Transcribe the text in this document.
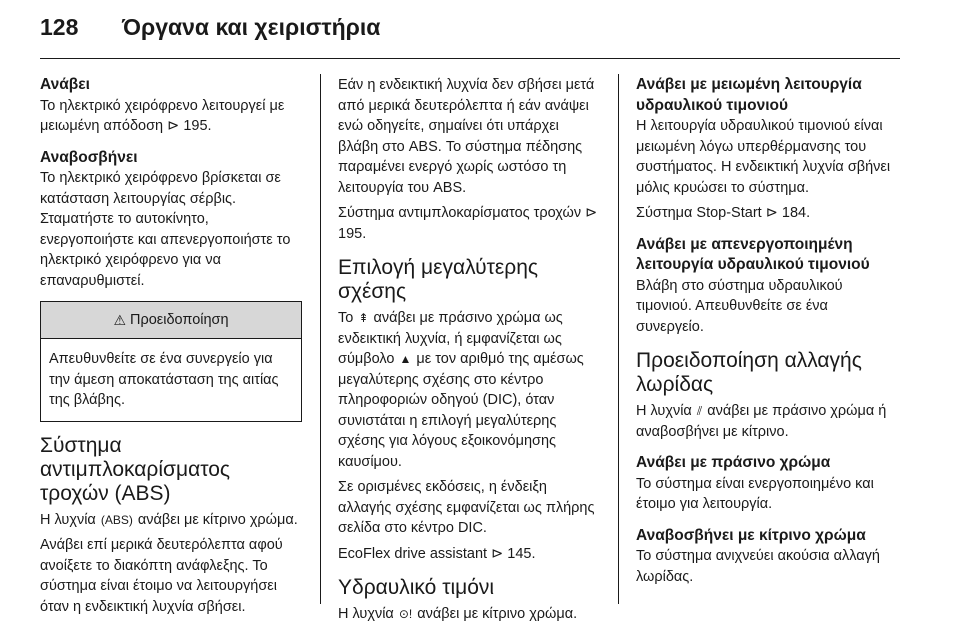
128 Όργανα και χειριστήρια
Ανάβει

Το ηλεκτρικό χειρόφρενο λειτουργεί με μειωμένη απόδοση ⊳ 195.

Αναβοσβήνει

Το ηλεκτρικό χειρόφρενο βρίσκεται σε κατάσταση λειτουργίας σέρβις. Σταματήστε το αυτοκίνητο, ενεργοποιήστε και απενεργοποιήστε το ηλεκτρικό χειρόφρενο για να επαναρυθμιστεί.

⚠ Προειδοποίηση
Απευθυνθείτε σε ένα συνεργείο για την άμεση αποκατάσταση της αιτίας της βλάβης.
Σύστημα αντιμπλοκαρίσματος τροχών (ABS)

Η λυχνία (ABS) ανάβει με κίτρινο χρώμα.

Ανάβει επί μερικά δευτερόλεπτα αφού ανοίξετε το διακόπτη ανάφλεξης. Το σύστημα είναι έτοιμο να λειτουργήσει όταν η ενδεικτική λυχνία σβήσει.

Εάν η ενδεικτική λυχνία δεν σβήσει μετά από μερικά δευτερόλεπτα ή εάν ανάψει ενώ οδηγείτε, σημαίνει ότι υπάρχει βλάβη στο ABS. Το σύστημα πέδησης παραμένει ενεργό χωρίς ωστόσο τη λειτουργία του ABS.

Σύστημα αντιμπλοκαρίσματος τροχών ⊳ 195.

Επιλογή μεγαλύτερης σχέσης

Το ⇞ ανάβει με πράσινο χρώμα ως ενδεικτική λυχνία, ή εμφανίζεται ως σύμβολο ▲ με τον αριθμό της αμέσως μεγαλύτερης σχέσης στο κέντρο πληροφοριών οδηγού (DIC), όταν συνιστάται η επιλογή μεγαλύτερης σχέσης για λόγους εξοικονόμησης καυσίμου.

Σε ορισμένες εκδόσεις, η ένδειξη αλλαγής σχέσης εμφανίζεται ως πλήρης σελίδα στο κέντρο DIC.

EcoFlex drive assistant ⊳ 145.

Υδραυλικό τιμόνι

Η λυχνία ⊙! ανάβει με κίτρινο χρώμα.

Ανάβει με μειωμένη λειτουργία υδραυλικού τιμονιού

Η λειτουργία υδραυλικού τιμονιού είναι μειωμένη λόγω υπερθέρμανσης του συστήματος. Η ενδεικτική λυχνία σβήνει μόλις κρυώσει το σύστημα.

Σύστημα Stop-Start ⊳ 184.

Ανάβει με απενεργοποιημένη λειτουργία υδραυλικού τιμονιού

Βλάβη στο σύστημα υδραυλικού τιμονιού. Απευθυνθείτε σε ένα συνεργείο.

Προειδοποίηση αλλαγής λωρίδας

Η λυχνία ⫽ ανάβει με πράσινο χρώμα ή αναβοσβήνει με κίτρινο.

Ανάβει με πράσινο χρώμα

Το σύστημα είναι ενεργοποιημένο και έτοιμο για λειτουργία.

Αναβοσβήνει με κίτρινο χρώμα

Το σύστημα ανιχνεύει ακούσια αλλαγή λωρίδας.
